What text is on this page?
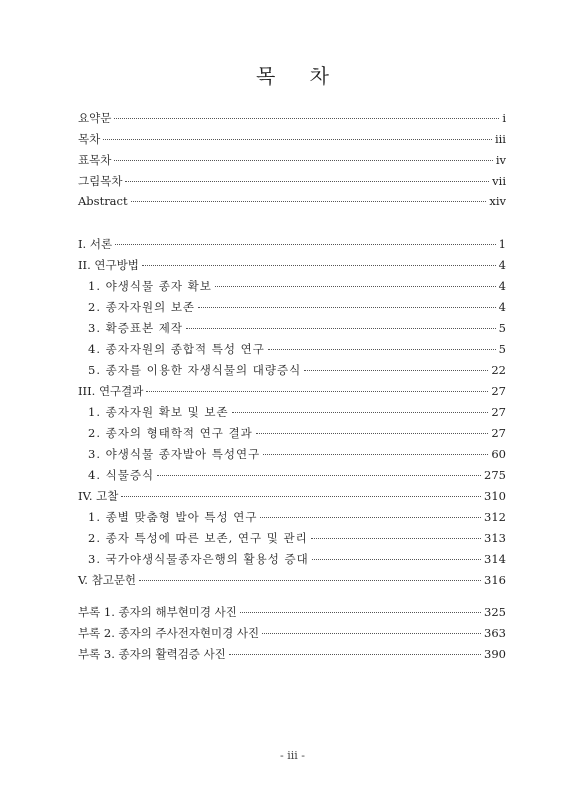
목 차
요약문	i
목차	iii
표목차	iv
그림목차	vii
Abstract	xiv
I. 서론	1
II. 연구방법	4
1. 야생식물 종자 확보	4
2. 종자자원의 보존	4
3. 확증표본 제작	5
4. 종자자원의 종합적 특성 연구	5
5. 종자를 이용한 자생식물의 대량증식	22
III. 연구결과	27
1. 종자자원 확보 및 보존	27
2. 종자의 형태학적 연구 결과	27
3. 야생식물 종자발아 특성연구	60
4. 식물증식	275
IV. 고찰	310
1. 종별 맞춤형 발아 특성 연구	312
2. 종자 특성에 따른 보존, 연구 및 관리	313
3. 국가야생식물종자은행의 활용성 증대	314
V. 참고문헌	316
부록 1. 종자의 해부현미경 사진	325
부록 2. 종자의 주사전자현미경 사진	363
부록 3. 종자의 활력검증 사진	390
- iii -
